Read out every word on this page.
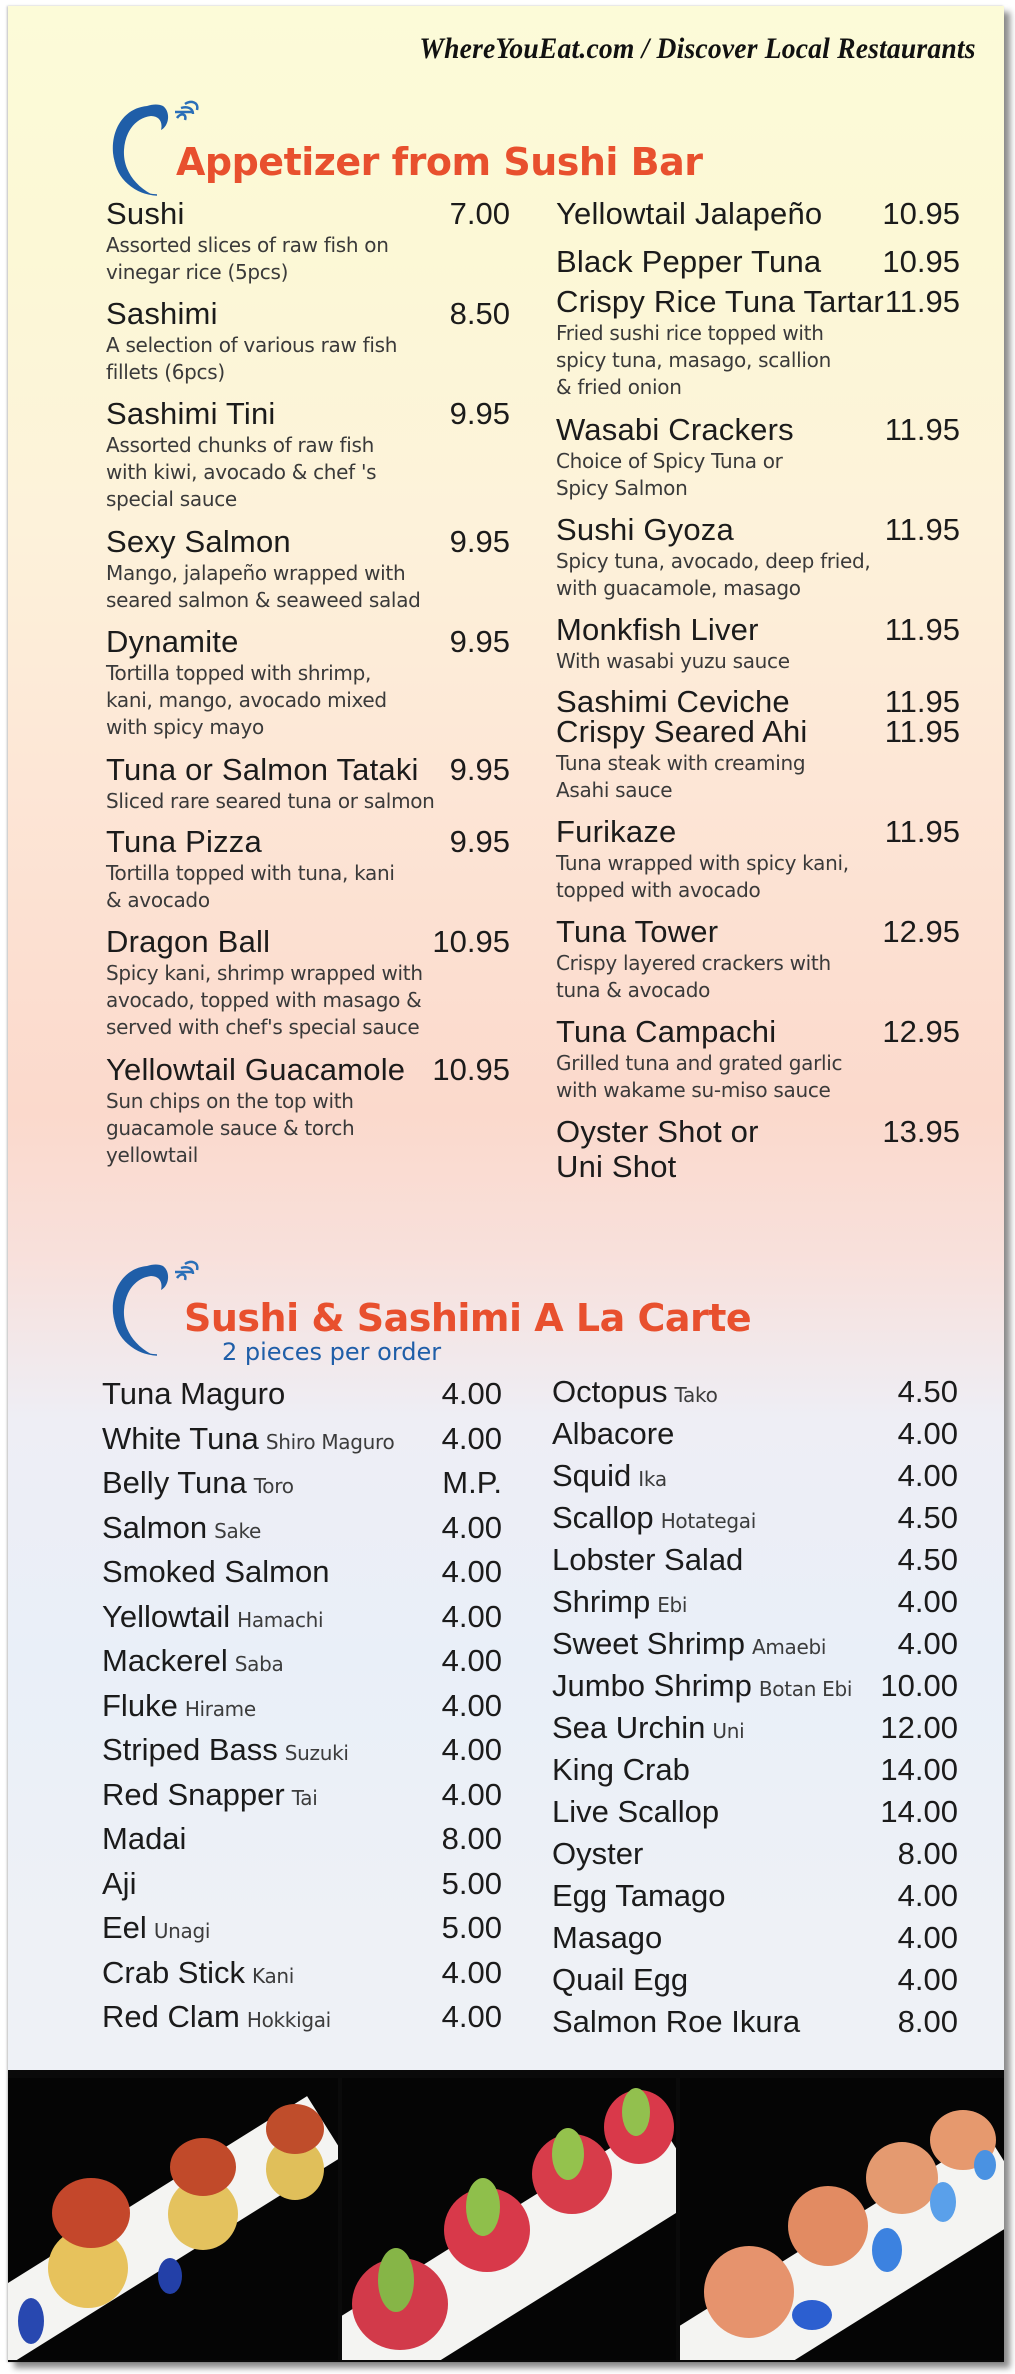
WhereYouEat.com / Discover Local Restaurants
Appetizer from Sushi Bar
Sushi	7.00
Assorted slices of raw fish on
vinegar rice (5pcs)
Sashimi	8.50
A selection of various raw fish
fillets (6pcs)
Sashimi Tini	9.95
Assorted chunks of raw fish
with kiwi, avocado & chef 's
special sauce
Sexy Salmon	9.95
Mango, jalapeño wrapped with
seared salmon & seaweed salad
Dynamite	9.95
Tortilla topped with shrimp,
kani, mango, avocado mixed
with spicy mayo
Tuna or Salmon Tataki 9.95
Sliced rare seared tuna or salmon
Tuna Pizza	9.95
Tortilla topped with tuna, kani
& avocado
Dragon Ball	10.95
Spicy kani, shrimp wrapped with
avocado, topped with masago &
served with chef's special sauce
Yellowtail Guacamole 10.95
Sun chips on the top with
guacamole sauce & torch
yellowtail
Yellowtail Jalapeño 10.95
Black Pepper Tuna 10.95
Crispy Rice Tuna Tartar 11.95
Fried sushi rice topped with
spicy tuna, masago, scallion
& fried onion
Wasabi Crackers	11.95
Choice of Spicy Tuna or
Spicy Salmon
Sushi Gyoza	11.95
Spicy tuna, avocado, deep fried,
with guacamole, masago
Monkfish Liver	11.95
With wasabi yuzu sauce
Sashimi Ceviche	11.95
Crispy Seared Ahi 11.95
Tuna steak with creaming
Asahi sauce
Furikaze	11.95
Tuna wrapped with spicy kani,
topped with avocado
Tuna Tower	12.95
Crispy layered crackers with
tuna & avocado
Tuna Campachi	12.95
Grilled tuna and grated garlic
with wakame su-miso sauce
Oyster Shot or
Uni Shot
13.95
Sushi & Sashimi A La Carte
2 pieces per order
Tuna Maguro	4.00
White Tuna Shiro Maguro 4.00
Belly Tuna Toro	M.P.
Salmon Sake	4.00
Smoked Salmon	4.00
Yellowtail Hamachi	4.00
Mackerel Saba	4.00
Fluke Hirame	4.00
Striped Bass Suzuki	4.00
Red Snapper Tai	4.00
Madai	8.00
Aji	5.00
Eel Unagi	5.00
Crab Stick Kani	4.00
Red Clam Hokkigai	4.00
Octopus Tako	4.50
Albacore	4.00
Squid Ika	4.00
Scallop Hotategai	4.50
Lobster Salad	4.50
Shrimp Ebi	4.00
Sweet Shrimp Amaebi 4.00
Jumbo Shrimp Botan Ebi 10.00
Sea Urchin Uni	12.00
King Crab	14.00
Live Scallop	14.00
Oyster	8.00
Egg Tamago	4.00
Masago	4.00
Quail Egg	4.00
Salmon Roe Ikura	8.00
